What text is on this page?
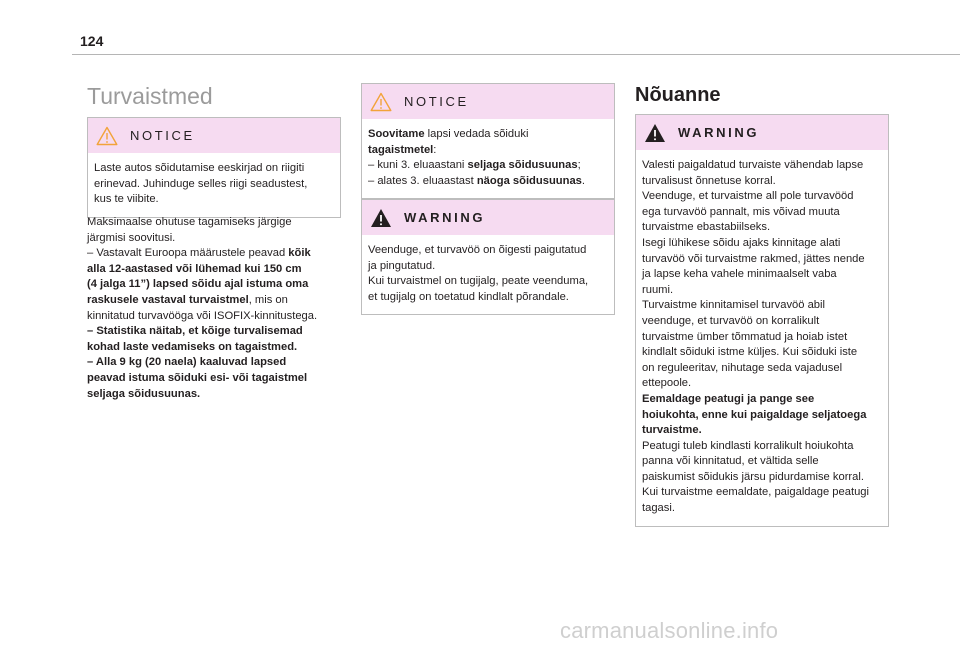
124
Turvaistmed
NOTICE
Laste autos sõidutamise eeskirjad on riigiti
erinevad. Juhinduge selles riigi seadustest,
kus te viibite.
Maksimaalse ohutuse tagamiseks järgige
järgmisi soovitusi.
– Vastavalt Euroopa määrustele peavad kõik
alla 12-aastased või lühemad kui 150 cm
(4 jalga 11”) lapsed sõidu ajal istuma oma
raskusele vastaval turvaistmel, mis on
kinnitatud turvavööga või ISOFIX-kinnitustega.
– Statistika näitab, et kõige turvalisemad
kohad laste vedamiseks on tagaistmed.
– Alla 9 kg (20 naela) kaaluvad lapsed
peavad istuma sõiduki esi- või tagaistmel
seljaga sõidusuunas.
NOTICE
Soovitame lapsi vedada sõiduki
tagaistmetel:
– kuni 3. eluaastani seljaga sõidusuunas;
– alates 3. eluaastast näoga sõidusuunas.
WARNING
Veenduge, et turvavöö on õigesti paigutatud
ja pingutatud.
Kui turvaistmel on tugijalg, peate veenduma,
et tugijalg on toetatud kindlalt põrandale.
Nõuanne
WARNING
Valesti paigaldatud turvaiste vähendab lapse
turvalisust õnnetuse korral.
Veenduge, et turvaistme all pole turvavööd
ega turvavöö pannalt, mis võivad muuta
turvaistme ebastabiilseks.
Isegi lühikese sõidu ajaks kinnitage alati
turvavöö või turvaistme rakmed, jättes nende
ja lapse keha vahele minimaalselt vaba
ruumi.
Turvaistme kinnitamisel turvavöö abil
veenduge, et turvavöö on korralikult
turvaistme ümber tõmmatud ja hoiab istet
kindlalt sõiduki istme küljes. Kui sõiduki iste
on reguleeritav, nihutage seda vajadusel
ettepoole.
Eemaldage peatugi ja pange see
hoiukohta, enne kui paigaldage seljatoega
turvaistme.
Peatugi tuleb kindlasti korralikult hoiukohta
panna või kinnitatud, et vältida selle
paiskumist sõidukis järsu pidurdamise korral.
Kui turvaistme eemaldate, paigaldage peatugi
tagasi.
carmanualsonline.info
